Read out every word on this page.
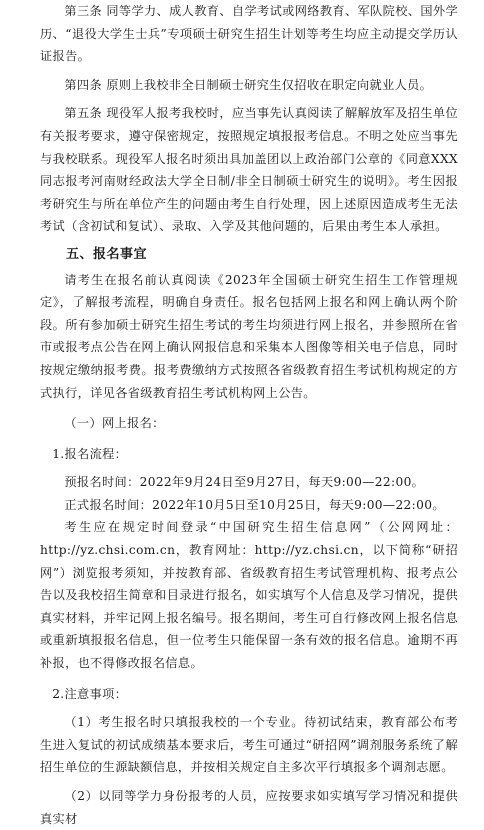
第三条 同等学力、成人教育、自学考试或网络教育、军队院校、国外学历、“退役大学生士兵”专项硕士研究生招生计划等考生均应主动提交学历认证报告。

第四条 原则上我校非全日制硕士研究生仅招收在职定向就业人员。

第五条 现役军人报考我校时，应当事先认真阅读了解解放军及招生单位有关报考要求，遵守保密规定，按照规定填报报考信息。不明之处应当事先与我校联系。现役军人报名时须出具加盖团以上政治部门公章的《同意XXX同志报考河南财经政法大学全日制/非全日制硕士研究生的说明》。考生因报考研究生与所在单位产生的问题由考生自行处理，因上述原因造成考生无法考试（含初试和复试）、录取、入学及其他问题的，后果由考生本人承担。

五、报名事宜

请考生在报名前认真阅读《2023年全国硕士研究生招生工作管理规定》，了解报考流程，明确自身责任。报名包括网上报名和网上确认两个阶段。所有参加硕士研究生招生考试的考生均须进行网上报名，并参照所在省市或报考点公告在网上确认网报信息和采集本人图像等相关电子信息，同时按规定缴纳报考费。报考费缴纳方式按照各省级教育招生考试机构规定的方式执行，详见各省级教育招生考试机构网上公告。

（一）网上报名：

1.报名流程：

预报名时间：2022年9月24日至9月27日，每天9:00—22:00。

正式报名时间：2022年10月5日至10月25日，每天9:00—22:00。

考生应在规定时间登录“中国研究生招生信息网”（公网网址：http://yz.chsi.com.cn，教育网址：http://yz.chsi.cn，以下简称“研招网”）浏览报考须知，并按教育部、省级教育招生考试管理机构、报考点公告以及我校招生简章和目录进行报名，如实填写个人信息及学习情况，提供真实材料，并牢记网上报名编号。报名期间，考生可自行修改网上报名信息或重新填报报名信息，但一位考生只能保留一条有效的报名信息。逾期不再补报，也不得修改报名信息。

2.注意事项：

（1）考生报名时只填报我校的一个专业。待初试结束，教育部公布考生进入复试的初试成绩基本要求后，考生可通过“研招网”调剂服务系统了解招生单位的生源缺额信息，并按相关规定自主多次平行填报多个调剂志愿。

（2）以同等学力身份报考的人员，应按要求如实填写学习情况和提供真实材
